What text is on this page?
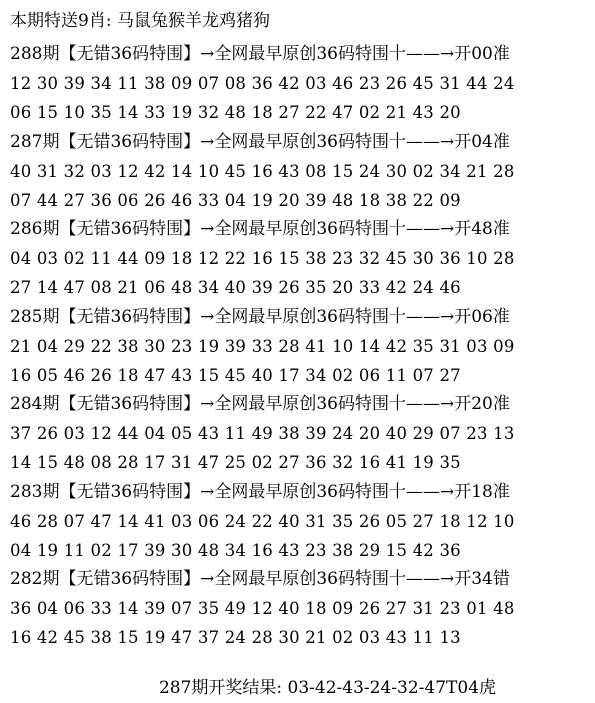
本期特送9肖: 马鼠兔猴羊龙鸡猪狗
288期【无错36码特围】→全网最早原创36码特围十——→开00准
12 30 39 34 11 38 09 07 08 36 42 03 46 23 26 45 31 44 24
06 15 10 35 14 33 19 32 48 18 27 22 47 02 21 43 20
287期【无错36码特围】→全网最早原创36码特围十——→开04准
40 31 32 03 12 42 14 10 45 16 43 08 15 24 30 02 34 21 28
07 44 27 36 06 26 46 33 04 19 20 39 48 18 38 22 09
286期【无错36码特围】→全网最早原创36码特围十——→开48准
04 03 02 11 44 09 18 12 22 16 15 38 23 32 45 30 36 10 28
27 14 47 08 21 06 48 34 40 39 26 35 20 33 42 24 46
285期【无错36码特围】→全网最早原创36码特围十——→开06准
21 04 29 22 38 30 23 19 39 33 28 41 10 14 42 35 31 03 09
16 05 46 26 18 47 43 15 45 40 17 34 02 06 11 07 27
284期【无错36码特围】→全网最早原创36码特围十——→开20准
37 26 03 12 44 04 05 43 11 49 38 39 24 20 40 29 07 23 13
14 15 48 08 28 17 31 47 25 02 27 36 32 16 41 19 35
283期【无错36码特围】→全网最早原创36码特围十——→开18准
46 28 07 47 14 41 03 06 24 22 40 31 35 26 05 27 18 12 10
04 19 11 02 17 39 30 48 34 16 43 23 38 29 15 42 36
282期【无错36码特围】→全网最早原创36码特围十——→开34错
36 04 06 33 14 39 07 35 49 12 40 18 09 26 27 31 23 01 48
16 42 45 38 15 19 47 37 24 28 30 21 02 03 43 11 13
287期开奖结果: 03-42-43-24-32-47T04虎
